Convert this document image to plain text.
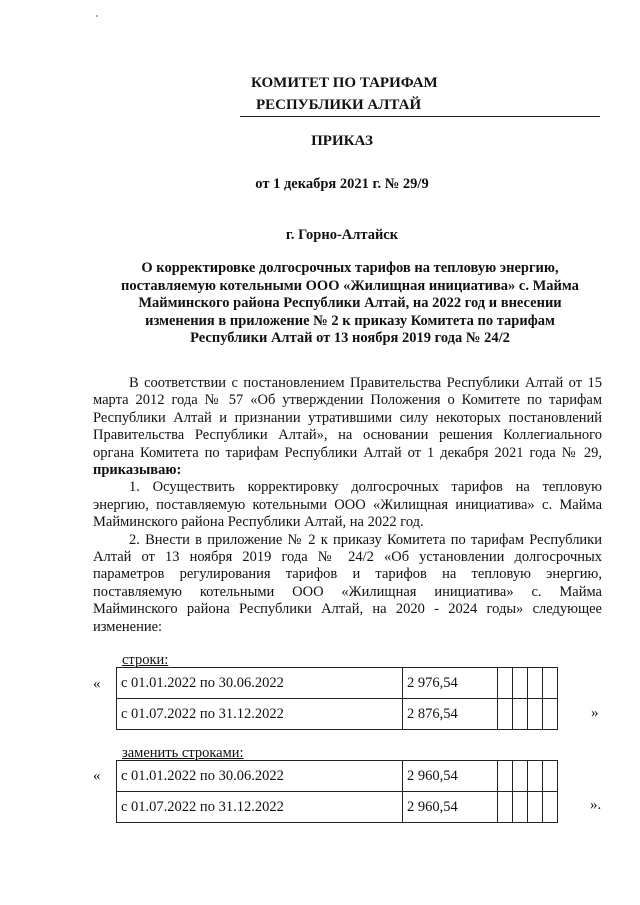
КОМИТЕТ ПО ТАРИФАМ
РЕСПУБЛИКИ АЛТАЙ
ПРИКАЗ
от 1 декабря 2021 г. № 29/9
г. Горно-Алтайск
О корректировке долгосрочных тарифов на тепловую энергию,
поставляемую котельными ООО «Жилищная инициатива» с. Майма
Майминского района Республики Алтай, на 2022 год и внесении
изменения в приложение № 2 к приказу Комитета по тарифам
Республики Алтай от 13 ноября 2019 года № 24/2

В соответствии с постановлением Правительства Республики Алтай от 15 марта 2012 года № 57 «Об утверждении Положения о Комитете по тарифам Республики Алтай и признании утратившими силу некоторых постановлений Правительства Республики Алтай», на основании решения Коллегиального органа Комитета по тарифам Республики Алтай от 1 декабря 2021 года № 29, приказываю:

1. Осуществить корректировку долгосрочных тарифов на тепловую энергию, поставляемую котельными ООО «Жилищная инициатива» с. Майма Майминского района Республики Алтай, на 2022 год.

2. Внести в приложение № 2 к приказу Комитета по тарифам Республики Алтай от 13 ноября 2019 года № 24/2 «Об установлении долгосрочных параметров регулирования тарифов и тарифов на тепловую энергию, поставляемую котельными ООО «Жилищная инициатива» с. Майма Майминского района Республики Алтай, на 2020 - 2024 годы» следующее изменение:

строки:
« с 01.01.2022 по 30.06.2022	2 976,54				
с 01.07.2022 по 31.12.2022	2 876,54					»
заменить строками:
« с 01.01.2022 по 30.06.2022	2 960,54				
с 01.07.2022 по 31.12.2022	2 960,54					».
